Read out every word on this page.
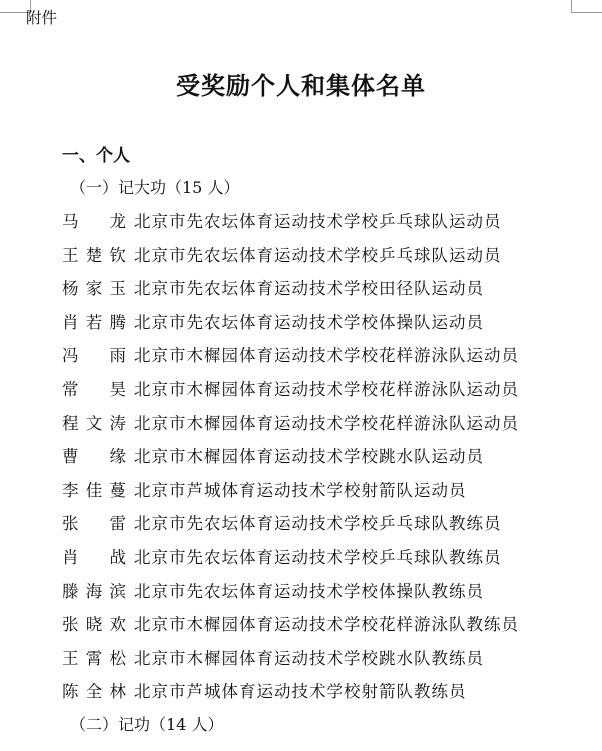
附件
受奖励个人和集体名单
一、个人
（一）记大功（15 人）
马 龙 北京市先农坛体育运动技术学校乒乓球队运动员
王 楚 钦 北京市先农坛体育运动技术学校乒乓球队运动员
杨 家 玉 北京市先农坛体育运动技术学校田径队运动员
肖 若 腾 北京市先农坛体育运动技术学校体操队运动员
冯 雨 北京市木樨园体育运动技术学校花样游泳队运动员
常 昊 北京市木樨园体育运动技术学校花样游泳队运动员
程 文 涛 北京市木樨园体育运动技术学校花样游泳队运动员
曹 缘 北京市木樨园体育运动技术学校跳水队运动员
李 佳 蔓 北京市芦城体育运动技术学校射箭队运动员
张 雷 北京市先农坛体育运动技术学校乒乓球队教练员
肖 战 北京市先农坛体育运动技术学校乒乓球队教练员
滕 海 滨 北京市先农坛体育运动技术学校体操队教练员
张 晓 欢 北京市木樨园体育运动技术学校花样游泳队教练员
王 霄 松 北京市木樨园体育运动技术学校跳水队教练员
陈 全 林 北京市芦城体育运动技术学校射箭队教练员
（二）记功（14 人）
